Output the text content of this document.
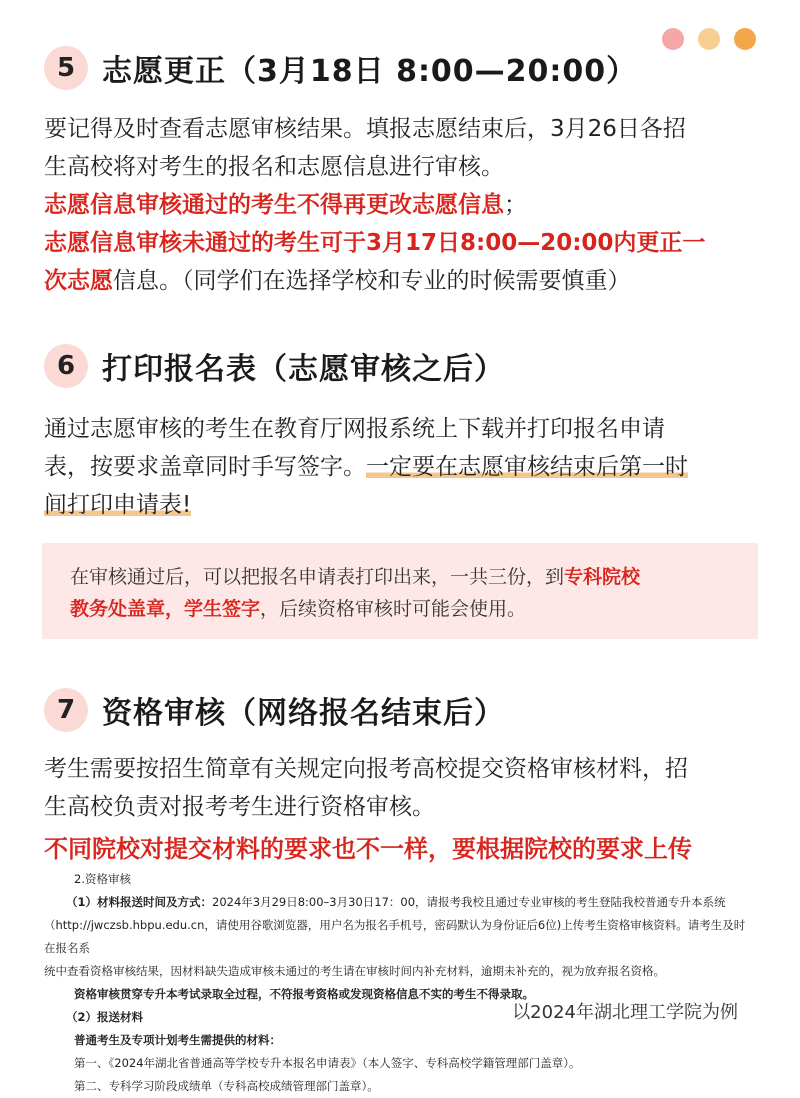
5 志愿更正（3月18日 8:00—20:00）

要记得及时查看志愿审核结果。填报志愿结束后，3月26日各招

生高校将对考生的报名和志愿信息进行审核。

志愿信息审核通过的考生不得再更改志愿信息；

志愿信息审核未通过的考生可于3月17日8:00—20:00内更正一

次志愿信息。（同学们在选择学校和专业的时候需要慎重）

6 打印报名表（志愿审核之后）

通过志愿审核的考生在教育厅网报系统上下载并打印报名申请

表，按要求盖章同时手写签字。一定要在志愿审核结束后第一时

间打印申请表!

在审核通过后，可以把报名申请表打印出来，一共三份，到专科院校
教务处盖章，学生签字，后续资格审核时可能会使用。
7 资格审核（网络报名结束后）

考生需要按招生简章有关规定向报考高校提交资格审核材料，招

生高校负责对报考考生进行资格审核。

不同院校对提交材料的要求也不一样，要根据院校的要求上传

2.资格审核

（1）材料报送时间及方式：2024年3月29日8:00–3月30日17：00，请报考我校且通过专业审核的考生登陆我校普通专升本系统

（http://jwczsb.hbpu.edu.cn，请使用谷歌浏览器，用户名为报名手机号，密码默认为身份证后6位)上传考生资格审核资料。请考生及时在报名系

统中查看资格审核结果，因材料缺失造成审核未通过的考生请在审核时间内补充材料，逾期未补充的，视为放弃报名资格。

资格审核贯穿专升本考试录取全过程，不符报考资格或发现资格信息不实的考生不得录取。

（2）报送材料

普通考生及专项计划考生需提供的材料：

第一、《2024年湖北省普通高等学校专升本报名申请表》（本人签字、专科高校学籍管理部门盖章）。

第二、专科学习阶段成绩单（专科高校成绩管理部门盖章）。

以2024年湖北理工学院为例
